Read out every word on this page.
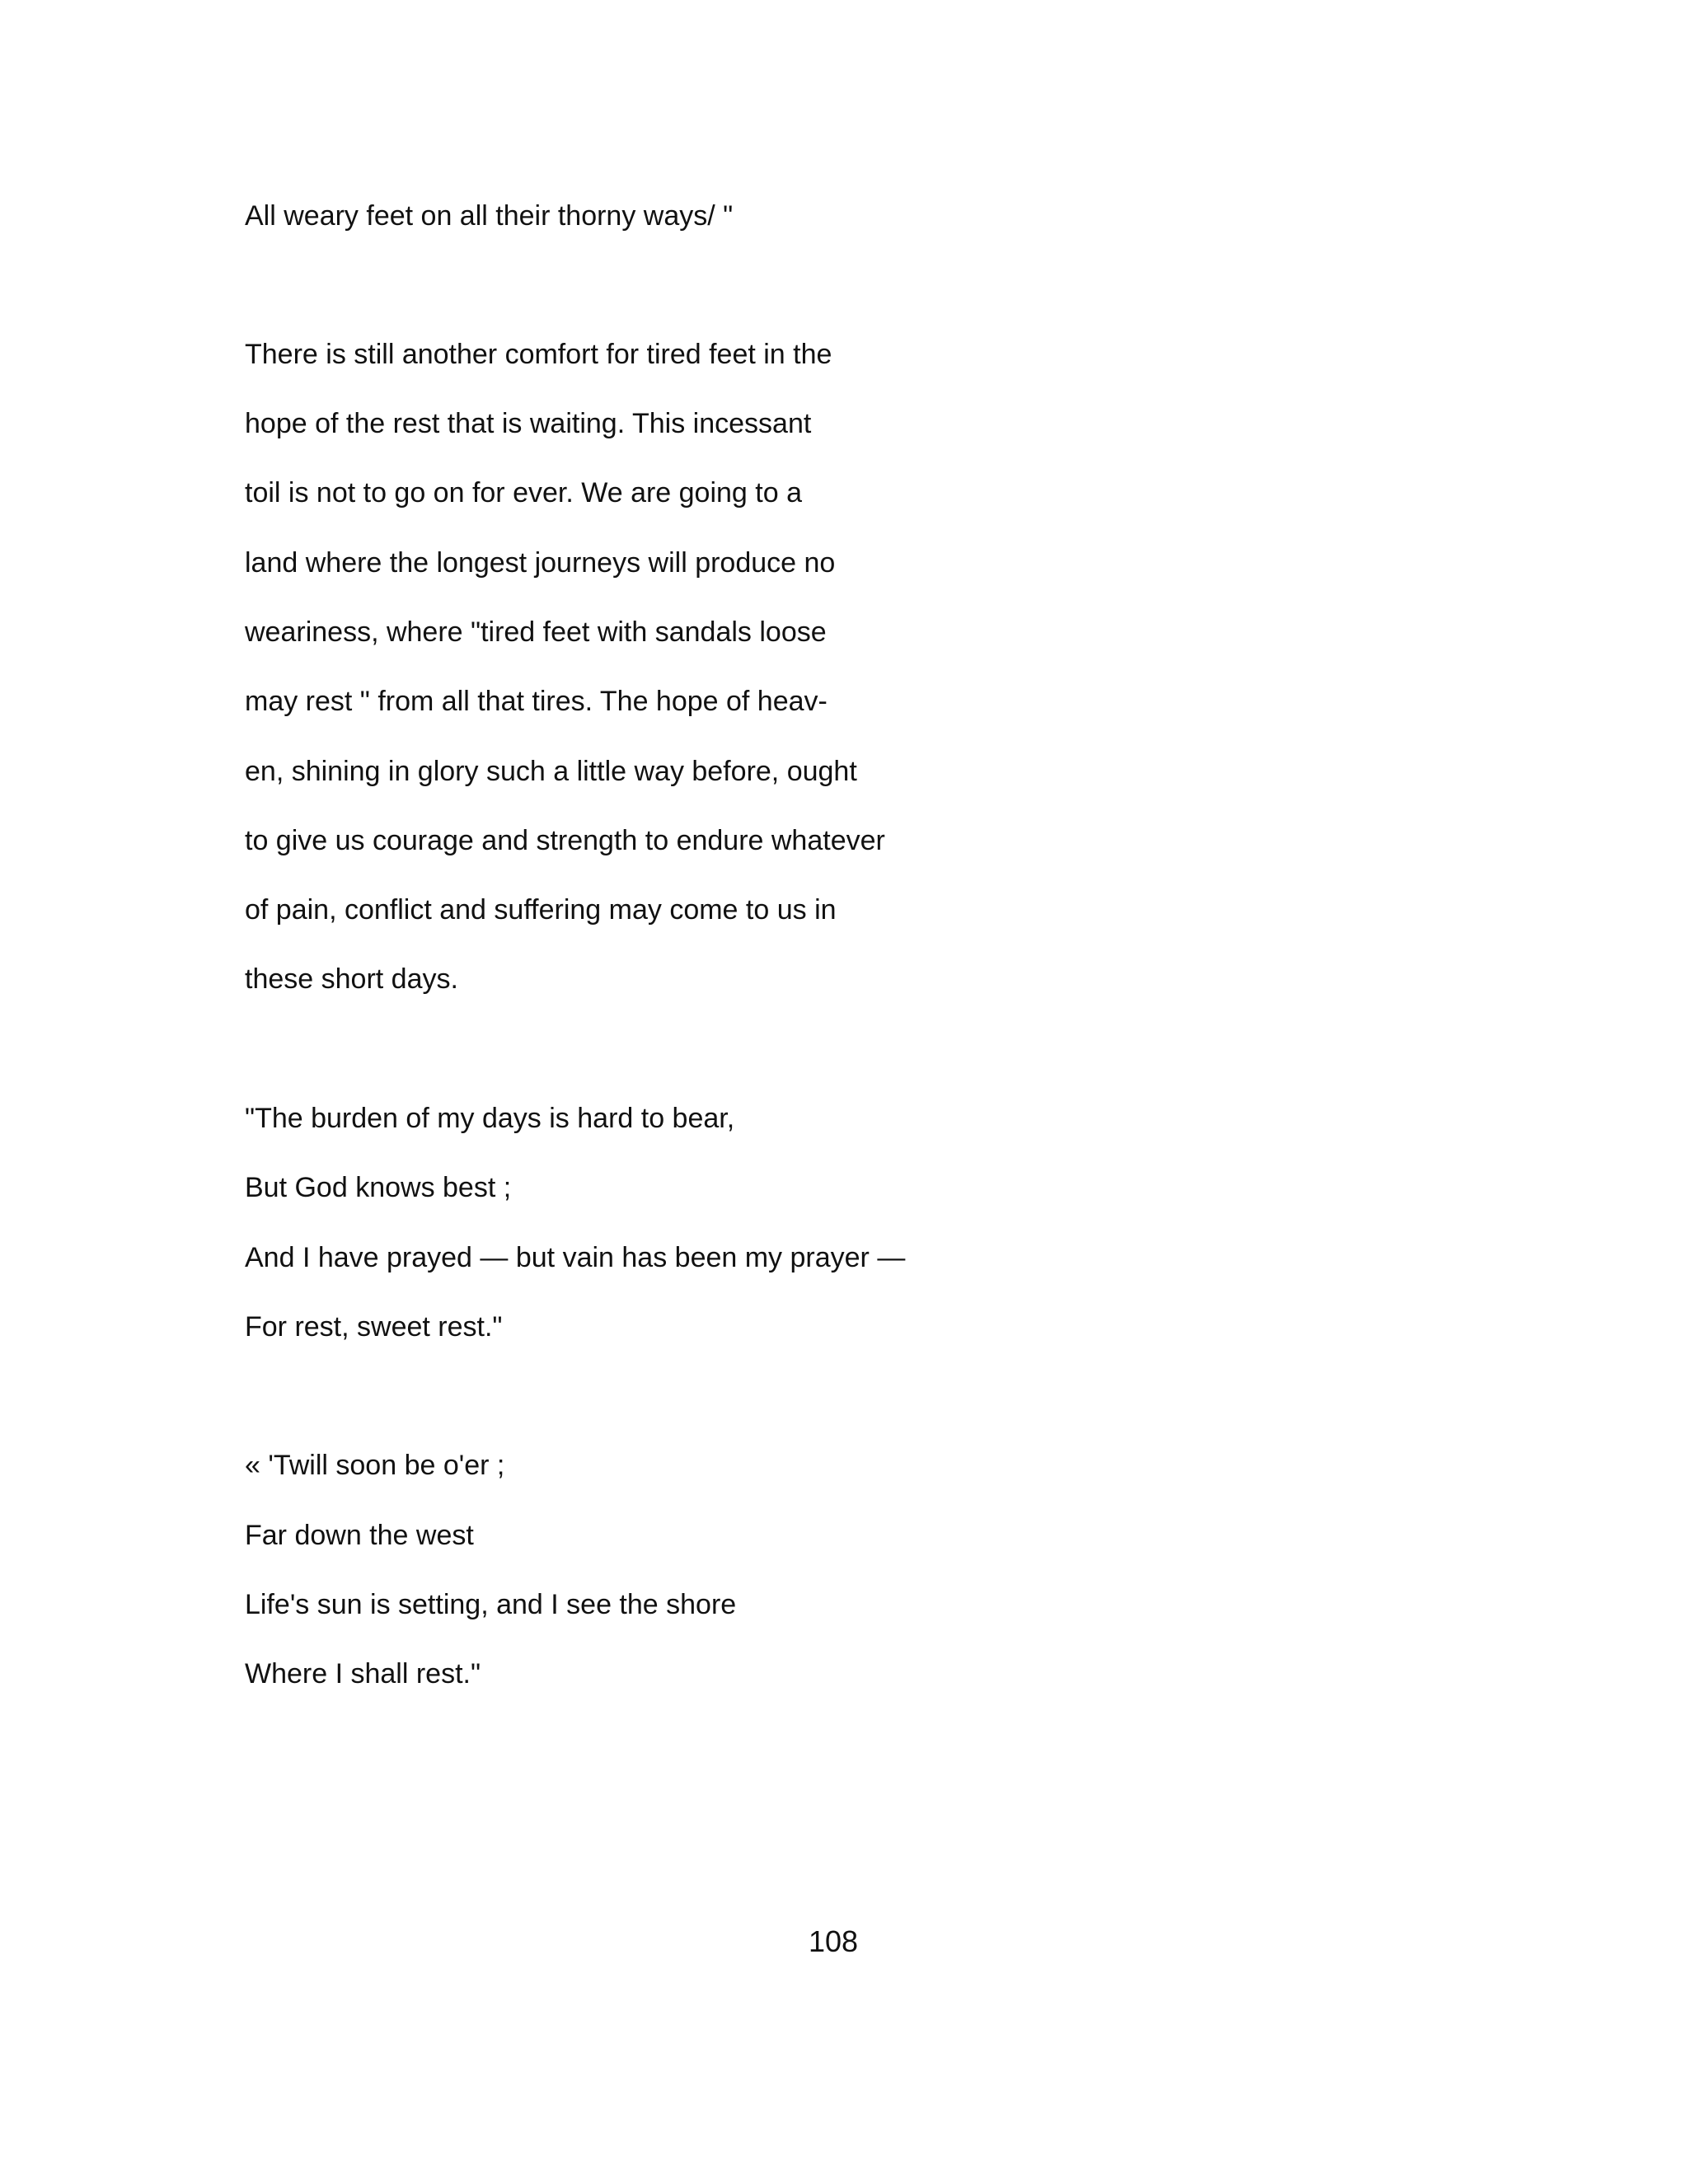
All weary feet on all their thorny ways/ "
There is still another comfort for tired feet in the
hope of the rest that is waiting. This incessant
toil is not to go on for ever. We are going to a
land where the longest journeys will produce no
weariness, where "tired feet with sandals loose
may rest " from all that tires. The hope of heav-
en, shining in glory such a little way before, ought
to give us courage and strength to endure whatever
of pain, conflict and suffering may come to us in
these short days.
"The burden of my days is hard to bear,
But God knows best ;
And I have prayed — but vain has been my prayer —
For rest, sweet rest."
« 'Twill soon be o'er ;
Far down the west
Life's sun is setting, and I see the shore
Where I shall rest."
108
